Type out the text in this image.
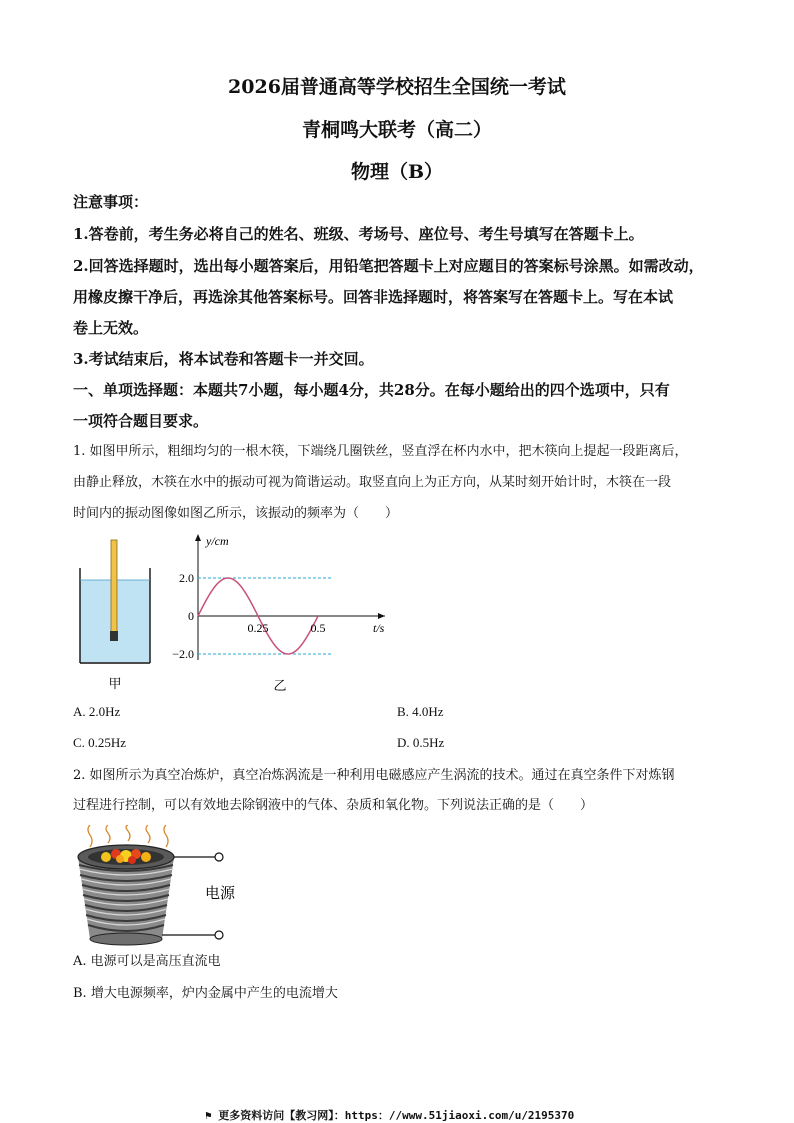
2026届普通高等学校招生全国统一考试
青桐鸣大联考（高二）
物理（B）
注意事项：
1.答卷前，考生务必将自己的姓名、班级、考场号、座位号、考生号填写在答题卡上。
2.回答选择题时，选出每小题答案后，用铅笔把答题卡上对应题目的答案标号涂黑。如需改动，
用橡皮擦干净后，再选涂其他答案标号。回答非选择题时，将答案写在答题卡上。写在本试
卷上无效。
3.考试结束后，将本试卷和答题卡一并交回。
一、单项选择题：本题共7小题，每小题4分，共28分。在每小题给出的四个选项中，只有
一项符合题目要求。
1. 如图甲所示，粗细均匀的一根木筷，下端绕几圈铁丝，竖直浮在杯内水中，把木筷向上提起一段距离后，
由静止释放，木筷在水中的振动可视为简谐运动。取竖直向上为正方向，从某时刻开始计时，木筷在一段
时间内的振动图像如图乙所示，该振动的频率为（　　）
甲
2.0
0
−2.0
0.25	0.5
y/cm
t/s
乙
A. 2.0Hz	B. 4.0Hz
C. 0.25Hz	D. 0.5Hz
2. 如图所示为真空冶炼炉，真空冶炼涡流是一种利用电磁感应产生涡流的技术。通过在真空条件下对炼钢
过程进行控制，可以有效地去除钢液中的气体、杂质和氧化物。下列说法正确的是（　　）
电源
A. 电源可以是高压直流电
B. 增大电源频率，炉内金属中产生的电流增大
⚑ 更多资料访问【教习网】：https：//www.51jiaoxi.com/u/2195370
